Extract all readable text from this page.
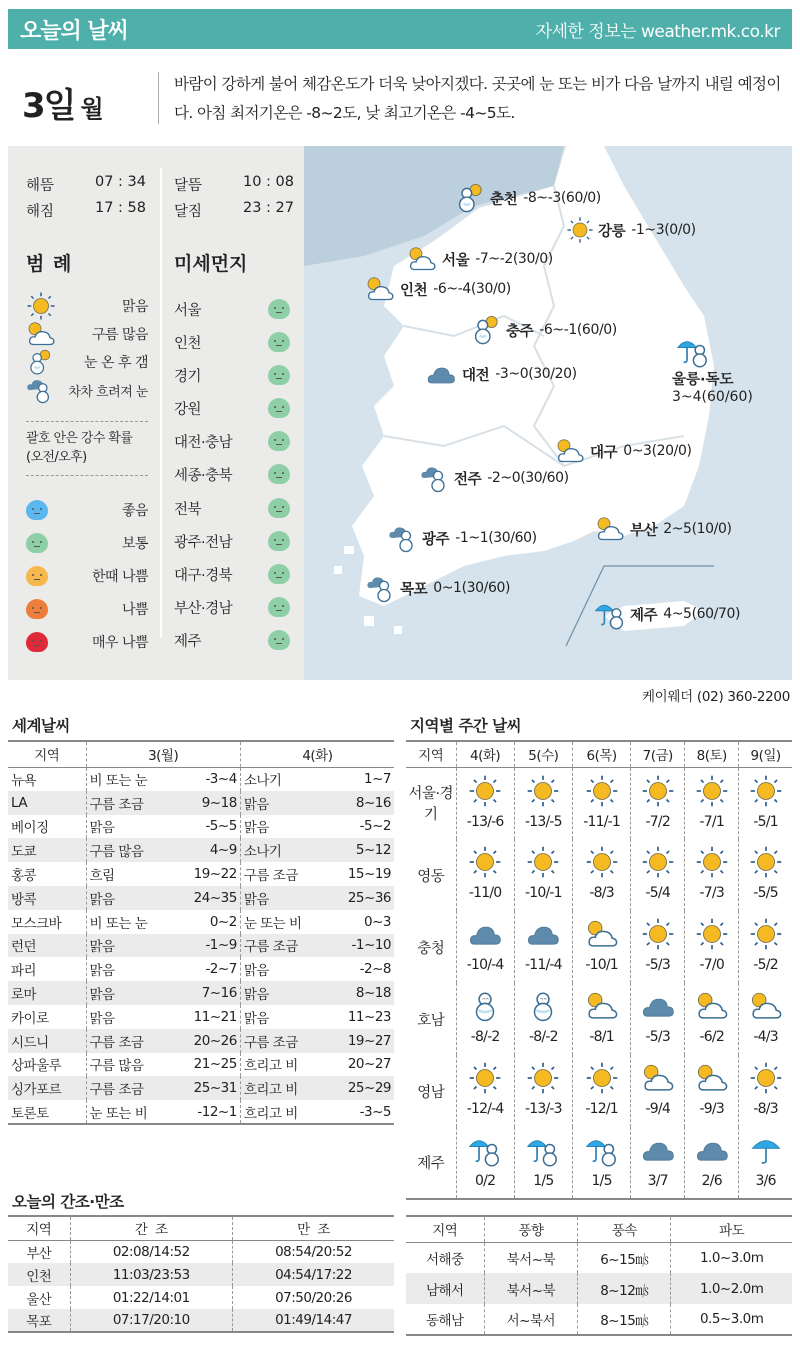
오늘의 날씨	자세한 정보는 weather.mk.co.kr
3일 월
바람이 강하게 불어 체감온도가 더욱 낮아지겠다. 곳곳에 눈 또는 비가 다음 날까지 내릴 예정이다. 아침 최저기온은 -8~2도, 낮 최고기온은 -4~5도.
해뜸	07 : 34
해짐	17 : 58
달뜸	10 : 08
달짐	23 : 27
범 례	미세먼지
맑음
구름 많음
눈 온 후 갬
차차 흐려져 눈
괄호 안은 강수 확률 (오전/오후)
좋음
보통
한때 나쁨
나쁨
매우 나쁨
서울
인천
경기
강원
대전·충남
세종·충북
전북
광주·전남
대구·경북
부산·경남
제주
춘천 -8~-3 (60/0)
강릉 -1~3 (0/0)
서울 -7~-2 (30/0)
인천 -6~-4 (30/0)
충주 -6~-1 (60/0)
대전 -3~0 (30/20)	울릉·독도
3~4(60/60)
대구 0~3 (20/0)
전주 -2~0 (30/60)
부산 2~5 (10/0)
광주 -1~1 (30/60)
목포 0~1 (30/60)
제주 4~5 (60/70)
케이웨더 (02) 360-2200
세계날씨
지역	3(월)		4(화)	
뉴욕	비 또는 눈	-3~4	소나기	1~7
LA	구름 조금	9~18	맑음	8~16
베이징	맑음	-5~5	맑음	-5~2
도쿄	구름 많음	4~9	소나기	5~12
홍콩	흐림	19~22	구름 조금	15~19
방콕	맑음	24~35	맑음	25~36
모스크바	비 또는 눈	0~2	눈 또는 비	0~3
런던	맑음	-1~9	구름 조금	-1~10
파리	맑음	-2~7	맑음	-2~8
로마	맑음	7~16	맑음	8~18
카이로	맑음	11~21	맑음	11~23
시드니	구름 조금	20~26	구름 조금	19~27
상파울루	구름 많음	21~25	흐리고 비	20~27
싱가포르	구름 조금	25~31	흐리고 비	25~29
토론토	눈 또는 비	-12~1	흐리고 비	-3~5
지역별 주간 날씨
지역	4(화)	5(수)	6(목)	7(금)	8(토)	9(일)
서울·경기	-13/-6	-13/-5	-11/-1	-7/2	-7/1	-5/1

영동	-11/0	-10/-1	-8/3	-5/4	-7/3	-5/5

충청	-10/-4	-11/-4	-10/1	-5/3	-7/0	-5/2

호남	-8/-2	-8/-2	-8/1	-5/3	-6/2	-4/3

영남	-12/-4	-13/-3	-12/1	-9/4	-9/3	-8/3

제주	0/2	1/5	1/5	3/7	2/6	3/6
오늘의 간조·만조
지역	간  조	만  조
부산	02:08/14:52	08:54/20:52
인천	11:03/23:53	04:54/17:22
울산	01:22/14:01	07:50/20:26
목포	07:17/20:10	01:49/14:47
지역	풍향	풍속	파도
서해중	북서~북	6~15㎧	1.0~3.0m
남해서	북서~북	8~12㎧	1.0~2.0m
동해남	서~북서	8~15㎧	0.5~3.0m
